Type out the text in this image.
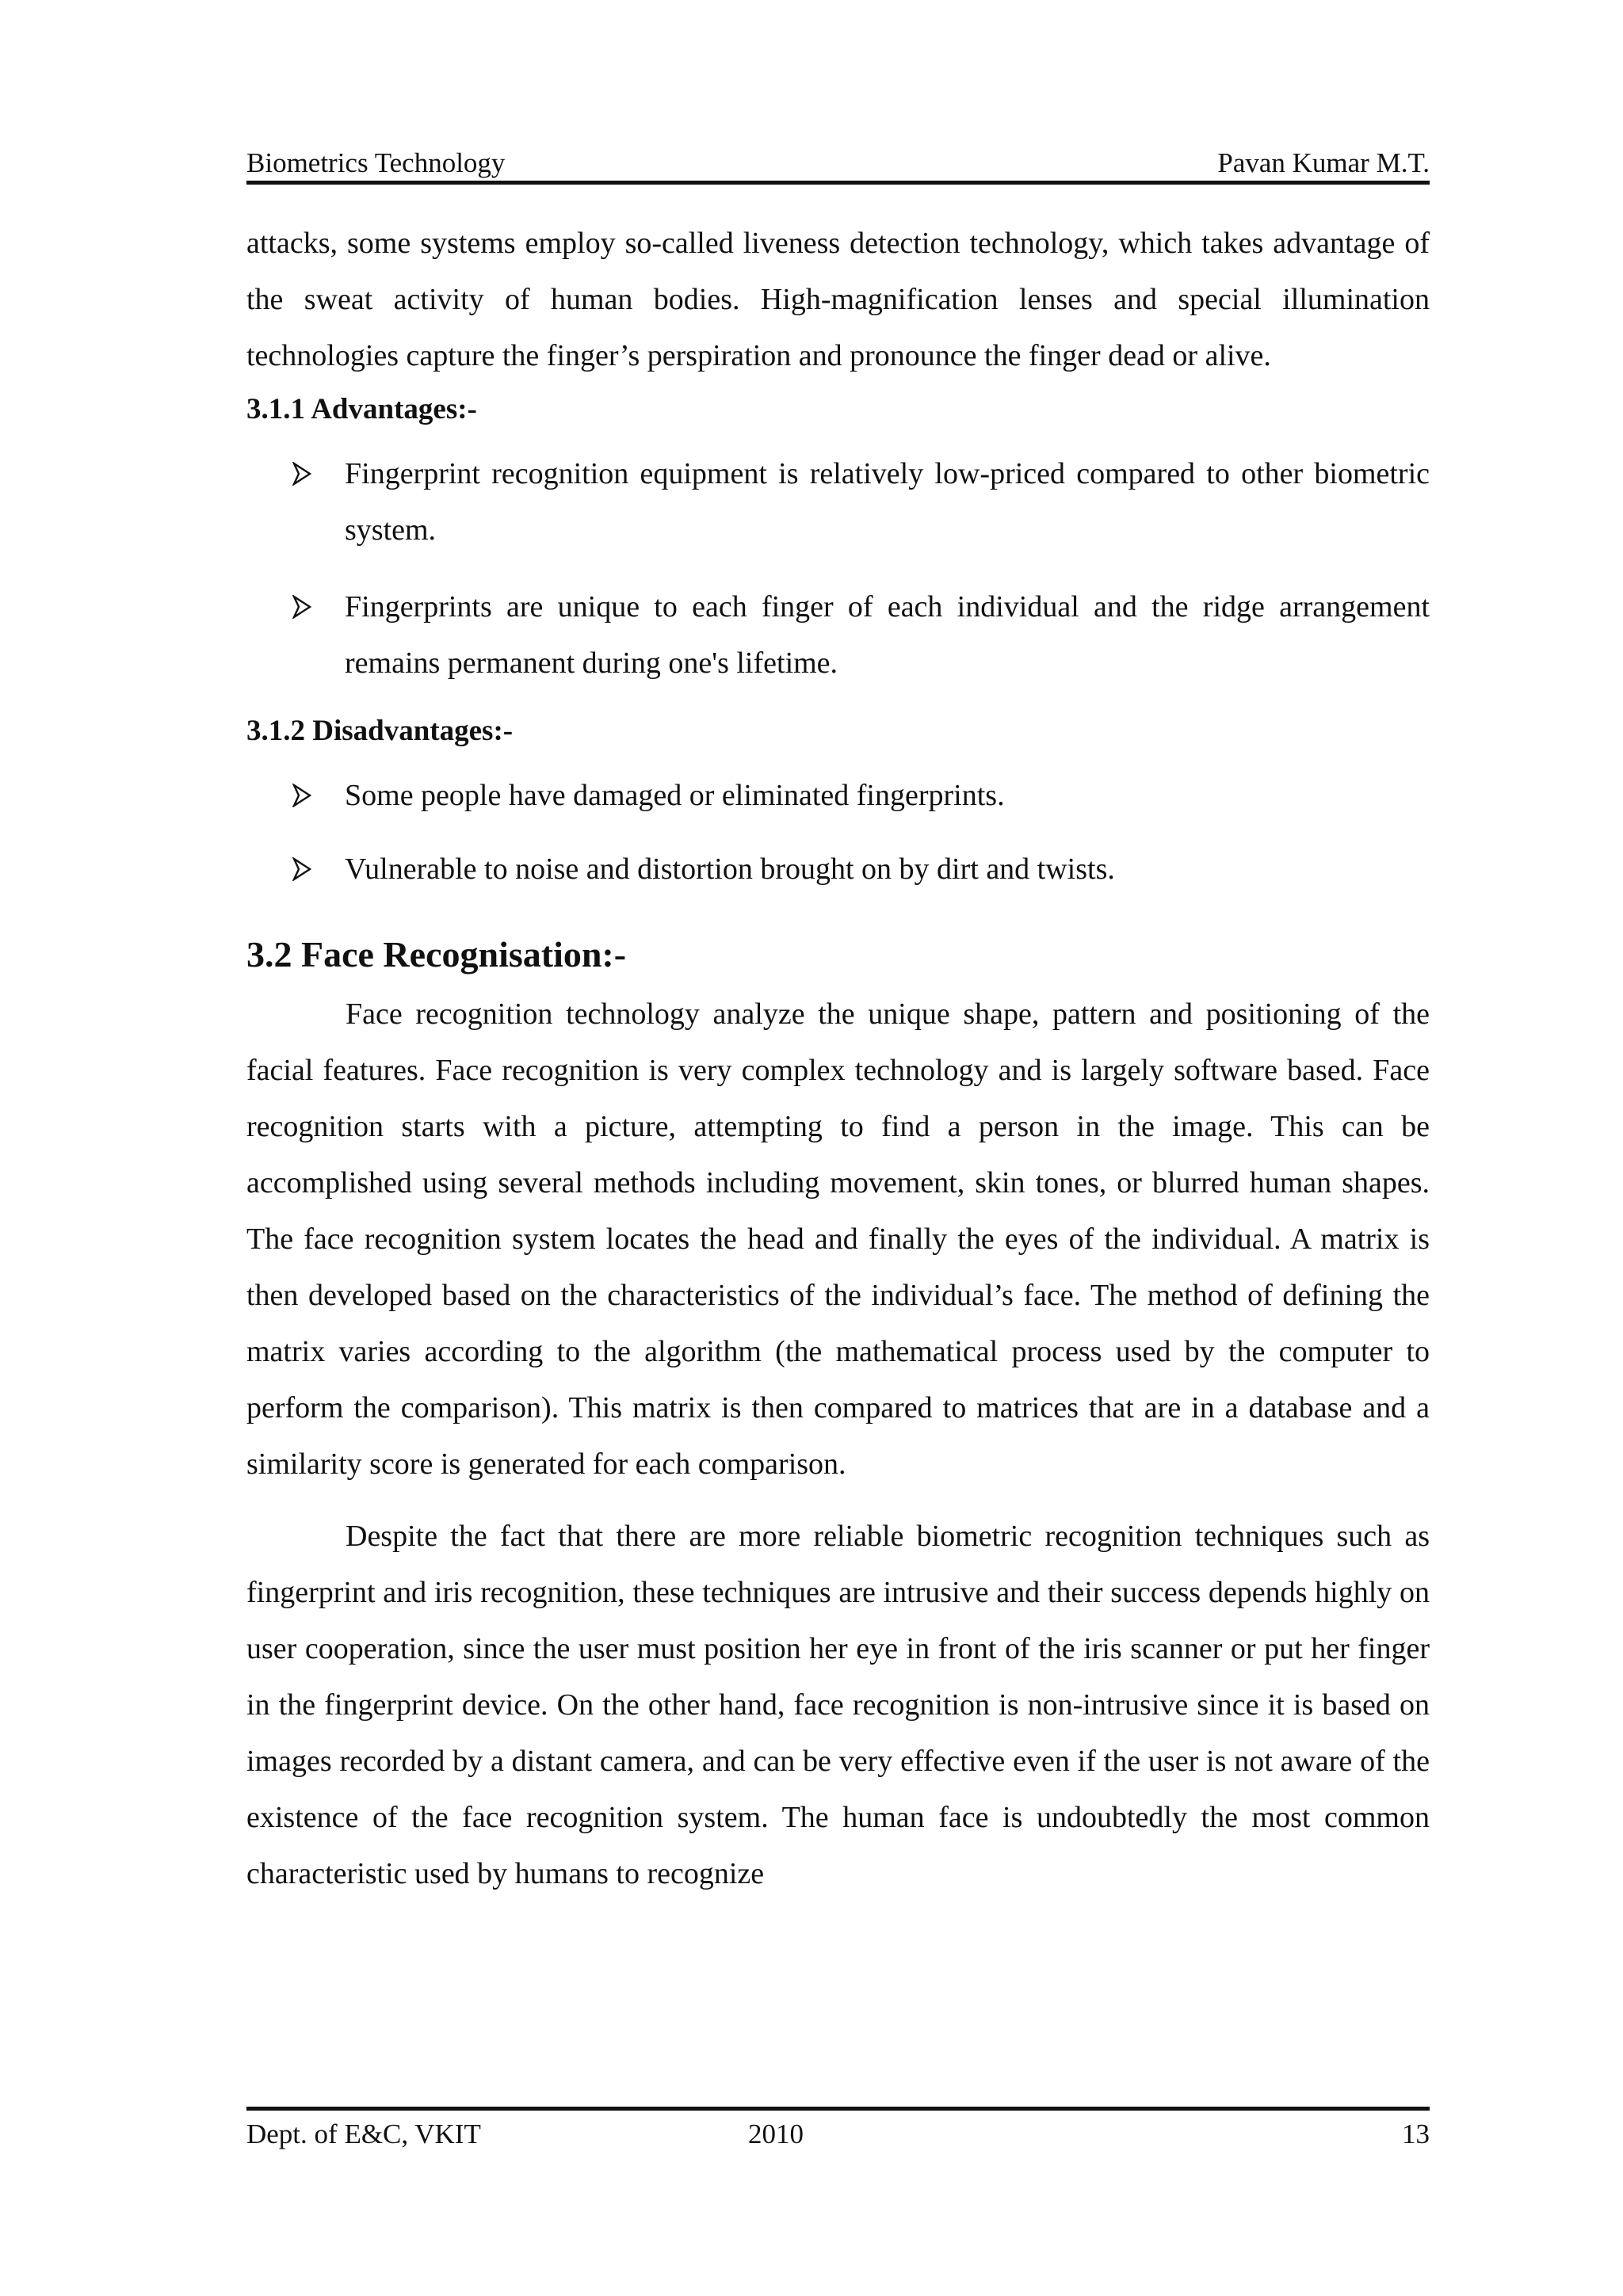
Biometrics Technology	Pavan Kumar M.T.

attacks, some systems employ so-called liveness detection technology, which takes advantage of the sweat activity of human bodies. High-magnification lenses and special illumination technologies capture the finger’s perspiration and pronounce the finger dead or alive.

3.1.1 Advantages:-
Fingerprint recognition equipment is relatively low-priced compared to other biometric system.
Fingerprints are unique to each finger of each individual and the ridge arrangement remains permanent during one's lifetime.
3.1.2 Disadvantages:-
Some people have damaged or eliminated fingerprints.
Vulnerable to noise and distortion brought on by dirt and twists.
3.2 Face Recognisation:-

Face recognition technology analyze the unique shape, pattern and positioning of the facial features. Face recognition is very complex technology and is largely software based. Face recognition starts with a picture, attempting to find a person in the image. This can be accomplished using several methods including movement, skin tones, or blurred human shapes. The face recognition system locates the head and finally the eyes of the individual. A matrix is then developed based on the characteristics of the individual’s face. The method of defining the matrix varies according to the algorithm (the mathematical process used by the computer to perform the comparison). This matrix is then compared to matrices that are in a database and a similarity score is generated for each comparison.

Despite the fact that there are more reliable biometric recognition techniques such as fingerprint and iris recognition, these techniques are intrusive and their success depends highly on user cooperation, since the user must position her eye in front of the iris scanner or put her finger in the fingerprint device. On the other hand, face recognition is non-intrusive since it is based on images recorded by a distant camera, and can be very effective even if the user is not aware of the existence of the face recognition system. The human face is undoubtedly the most common characteristic used by humans to recognize

Dept. of E&C, VKIT	2010	13
